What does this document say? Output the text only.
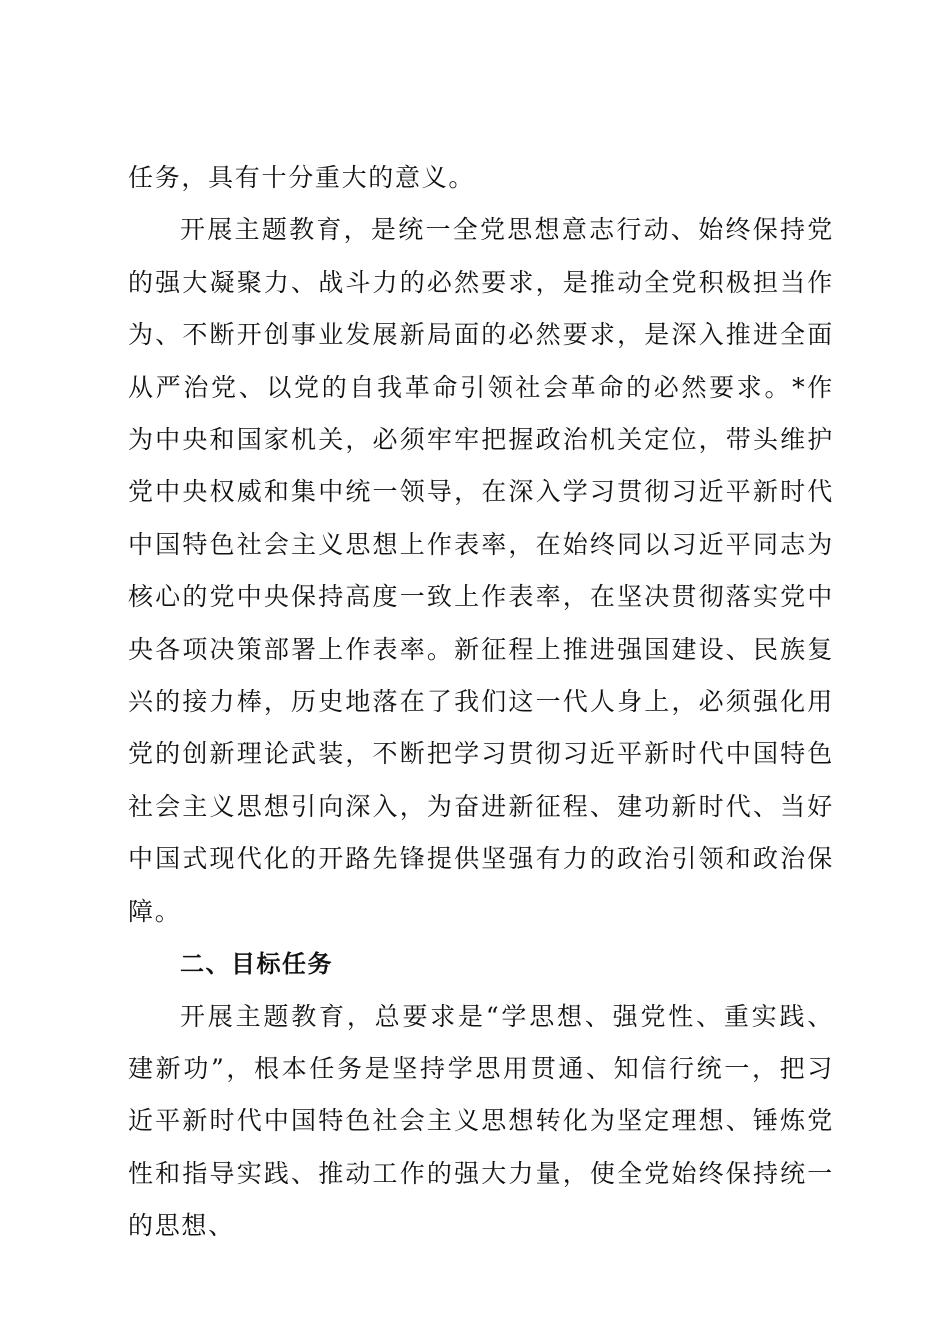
任务，具有十分重大的意义。

开展主题教育，是统一全党思想意志行动、始终保持党的强大凝聚力、战斗力的必然要求，是推动全党积极担当作为、不断开创事业发展新局面的必然要求，是深入推进全面从严治党、以党的自我革命引领社会革命的必然要求。*作为中央和国家机关，必须牢牢把握政治机关定位，带头维护党中央权威和集中统一领导，在深入学习贯彻习近平新时代中国特色社会主义思想上作表率，在始终同以习近平同志为核心的党中央保持高度一致上作表率，在坚决贯彻落实党中央各项决策部署上作表率。新征程上推进强国建设、民族复兴的接力棒，历史地落在了我们这一代人身上，必须强化用党的创新理论武装，不断把学习贯彻习近平新时代中国特色社会主义思想引向深入，为奋进新征程、建功新时代、当好中国式现代化的开路先锋提供坚强有力的政治引领和政治保障。

二、目标任务

开展主题教育，总要求是“学思想、强党性、重实践、建新功”，根本任务是坚持学思用贯通、知信行统一，把习近平新时代中国特色社会主义思想转化为坚定理想、锤炼党性和指导实践、推动工作的强大力量，使全党始终保持统一的思想、
